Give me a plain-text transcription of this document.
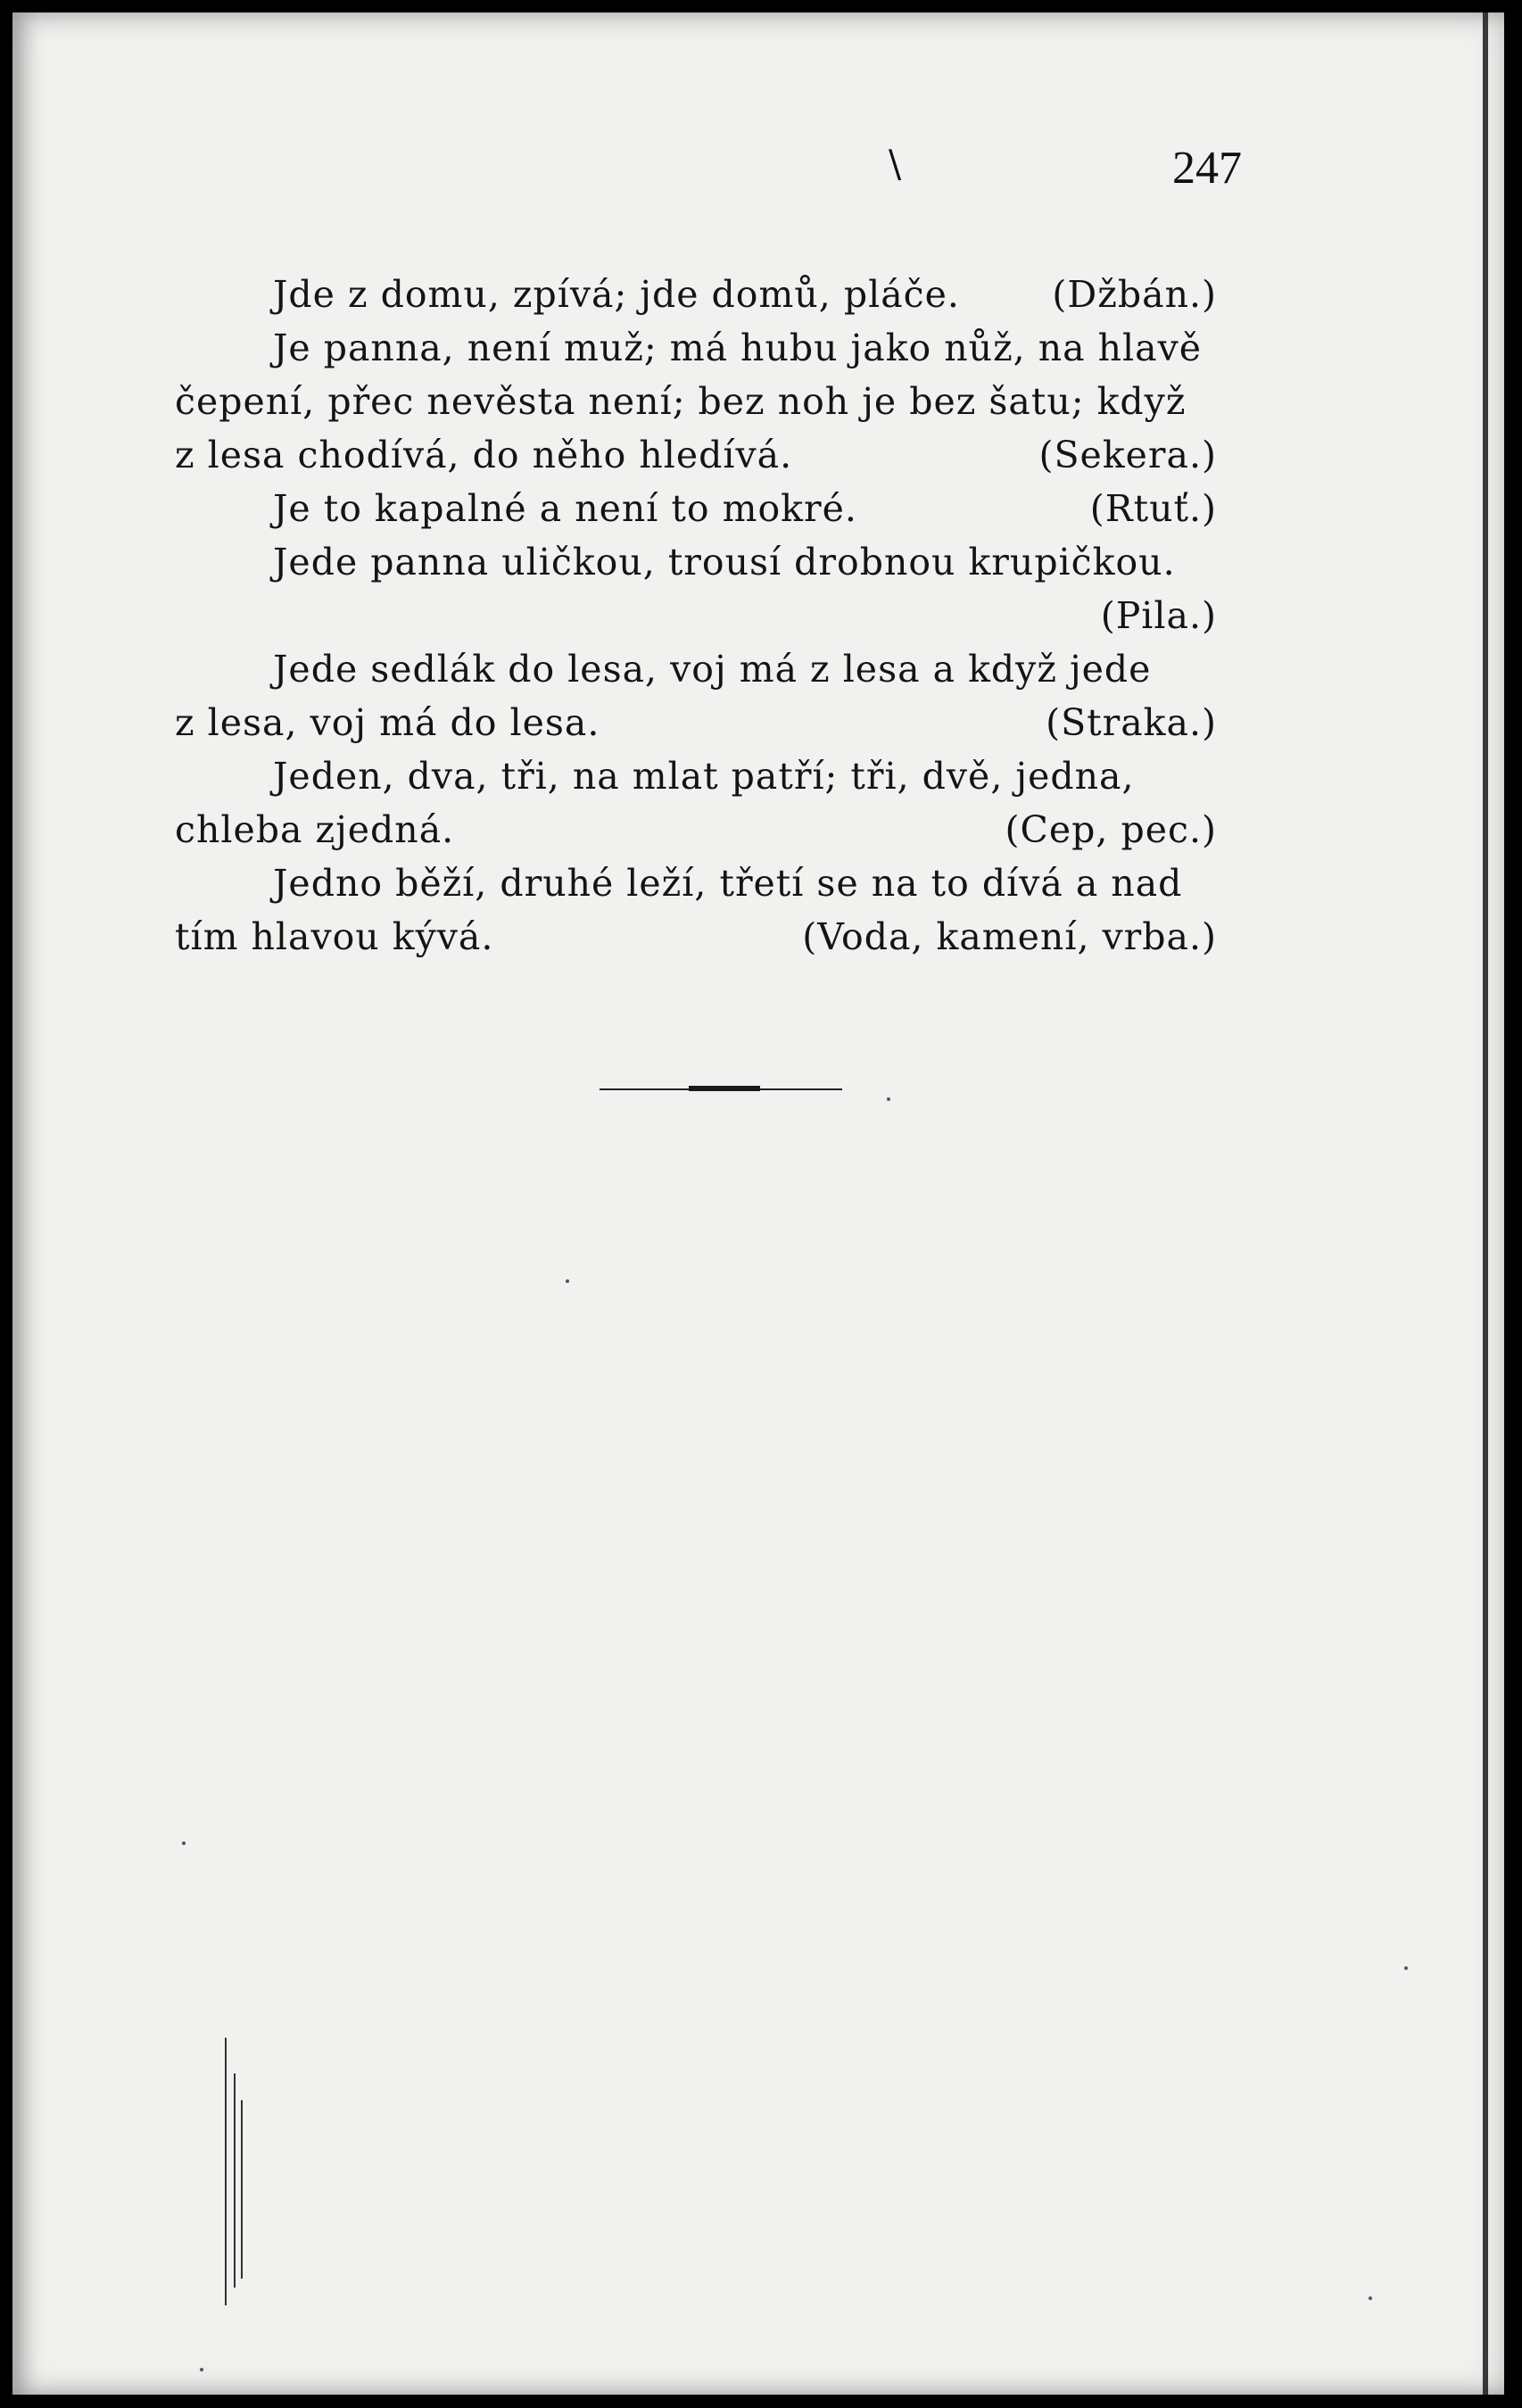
\	247
Jde z domu, zpívá; jde domů, pláče.	(Džbán.)
Je panna, není muž; má hubu jako nůž, na hlavě
čepení, přec nevěsta není; bez noh je bez šatu; když
z lesa chodívá, do něho hledívá.	(Sekera.)
Je to kapalné a není to mokré.	(Rtuť.)
Jede panna uličkou, trousí drobnou krupičkou.
(Pila.)
Jede sedlák do lesa, voj má z lesa a když jede
z lesa, voj má do lesa.	(Straka.)
Jeden, dva, tři, na mlat patří; tři, dvě, jedna,
chleba zjedná.	(Cep, pec.)
Jedno běží, druhé leží, třetí se na to dívá a nad
tím hlavou kývá.	(Voda, kamení, vrba.)
